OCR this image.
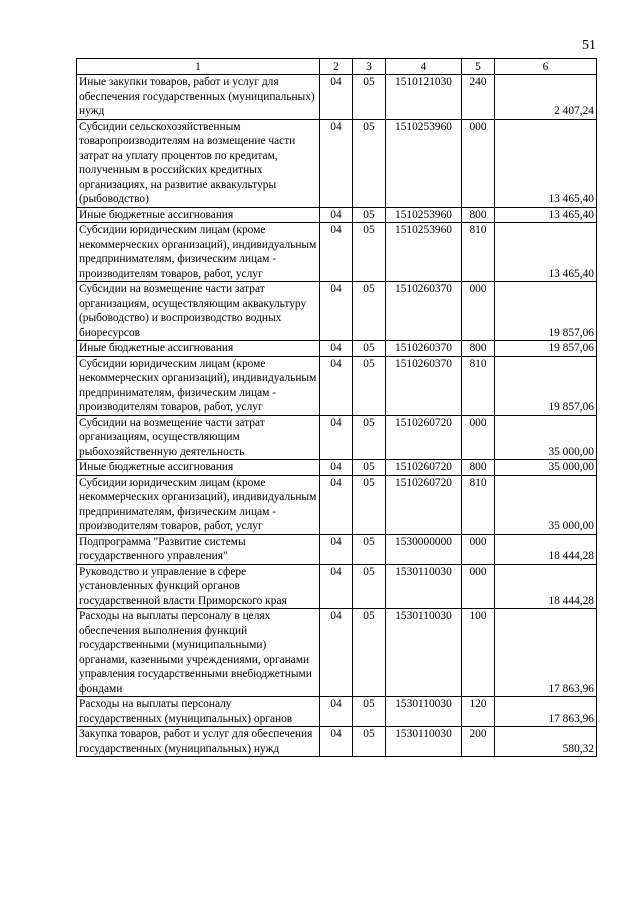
51
1	2	3	4	5	6
Иные закупки товаров, работ и услуг для обеспечения государственных (муниципальных) нужд	04	05	1510121030	240	2 407,24
Субсидии сельскохозяйственным товаропроизводителям на возмещение части затрат на уплату процентов по кредитам, полученным в российских кредитных организациях, на развитие аквакультуры (рыбоводство)	04	05	1510253960	000	13 465,40
Иные бюджетные ассигнования	04	05	1510253960	800	13 465,40
Субсидии юридическим лицам (кроме некоммерческих организаций), индивидуальным предпринимателям, физическим лицам - производителям товаров, работ, услуг	04	05	1510253960	810	13 465,40
Субсидии на возмещение части затрат организациям, осуществляющим аквакультуру (рыбоводство) и воспроизводство водных биоресурсов	04	05	1510260370	000	19 857,06
Иные бюджетные ассигнования	04	05	1510260370	800	19 857,06
Субсидии юридическим лицам (кроме некоммерческих организаций), индивидуальным предпринимателям, физическим лицам - производителям товаров, работ, услуг	04	05	1510260370	810	19 857,06
Субсидии на возмещение части затрат организациям, осуществляющим рыбохозяйственную деятельность	04	05	1510260720	000	35 000,00
Иные бюджетные ассигнования	04	05	1510260720	800	35 000,00
Субсидии юридическим лицам (кроме некоммерческих организаций), индивидуальным предпринимателям, физическим лицам - производителям товаров, работ, услуг	04	05	1510260720	810	35 000,00
Подпрограмма "Развитие системы государственного управления"	04	05	1530000000	000	18 444,28
Руководство и управление в сфере установленных функций органов государственной власти Приморского края	04	05	1530110030	000	18 444,28
Расходы на выплаты персоналу в целях обеспечения выполнения функций государственными (муниципальными) органами, казенными учреждениями, органами управления государственными внебюджетными фондами	04	05	1530110030	100	17 863,96
Расходы на выплаты персоналу государственных (муниципальных) органов	04	05	1530110030	120	17 863,96
Закупка товаров, работ и услуг для обеспечения государственных (муниципальных) нужд	04	05	1530110030	200	580,32
